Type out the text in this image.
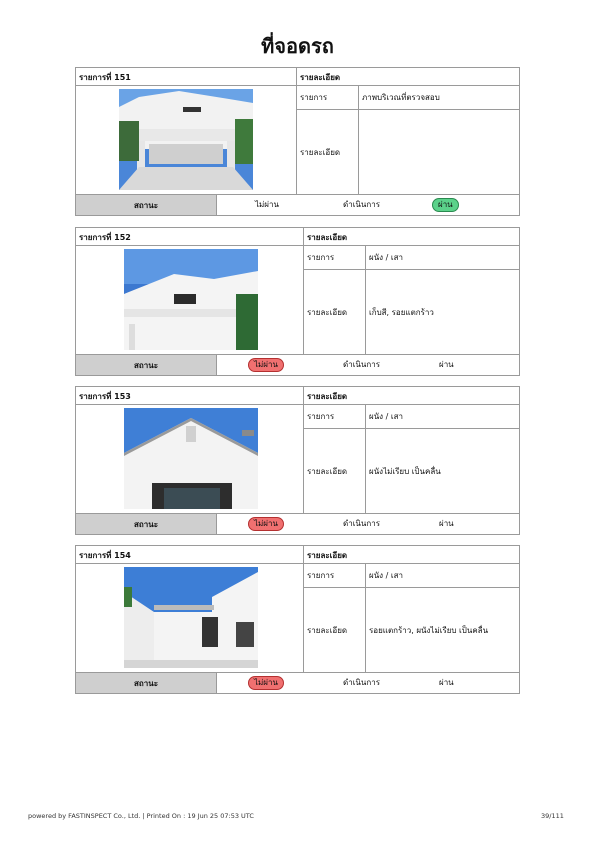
ที่จอดรถ
รายการที่ 151	รายละเอียด
รายการ	ภาพบริเวณที่ตรวจสอบ
รายละเอียด
สถานะ	ไม่ผ่าน	ดำเนินการ	ผ่าน
รายการที่ 152	รายละเอียด
รายการ	ผนัง / เสา
รายละเอียด	เก็บสี, รอยแตกร้าว
สถานะ	ไม่ผ่าน	ดำเนินการ	ผ่าน
รายการที่ 153	รายละเอียด
รายการ	ผนัง / เสา
รายละเอียด	ผนังไม่เรียบ เป็นคลื่น
สถานะ	ไม่ผ่าน	ดำเนินการ	ผ่าน
รายการที่ 154	รายละเอียด
รายการ	ผนัง / เสา
รายละเอียด	รอยแตกร้าว, ผนังไม่เรียบ เป็นคลื่น
สถานะ	ไม่ผ่าน	ดำเนินการ	ผ่าน
powered by FASTINSPECT Co., Ltd. | Printed On : 19 Jun 25 07:53 UTC	39/111
